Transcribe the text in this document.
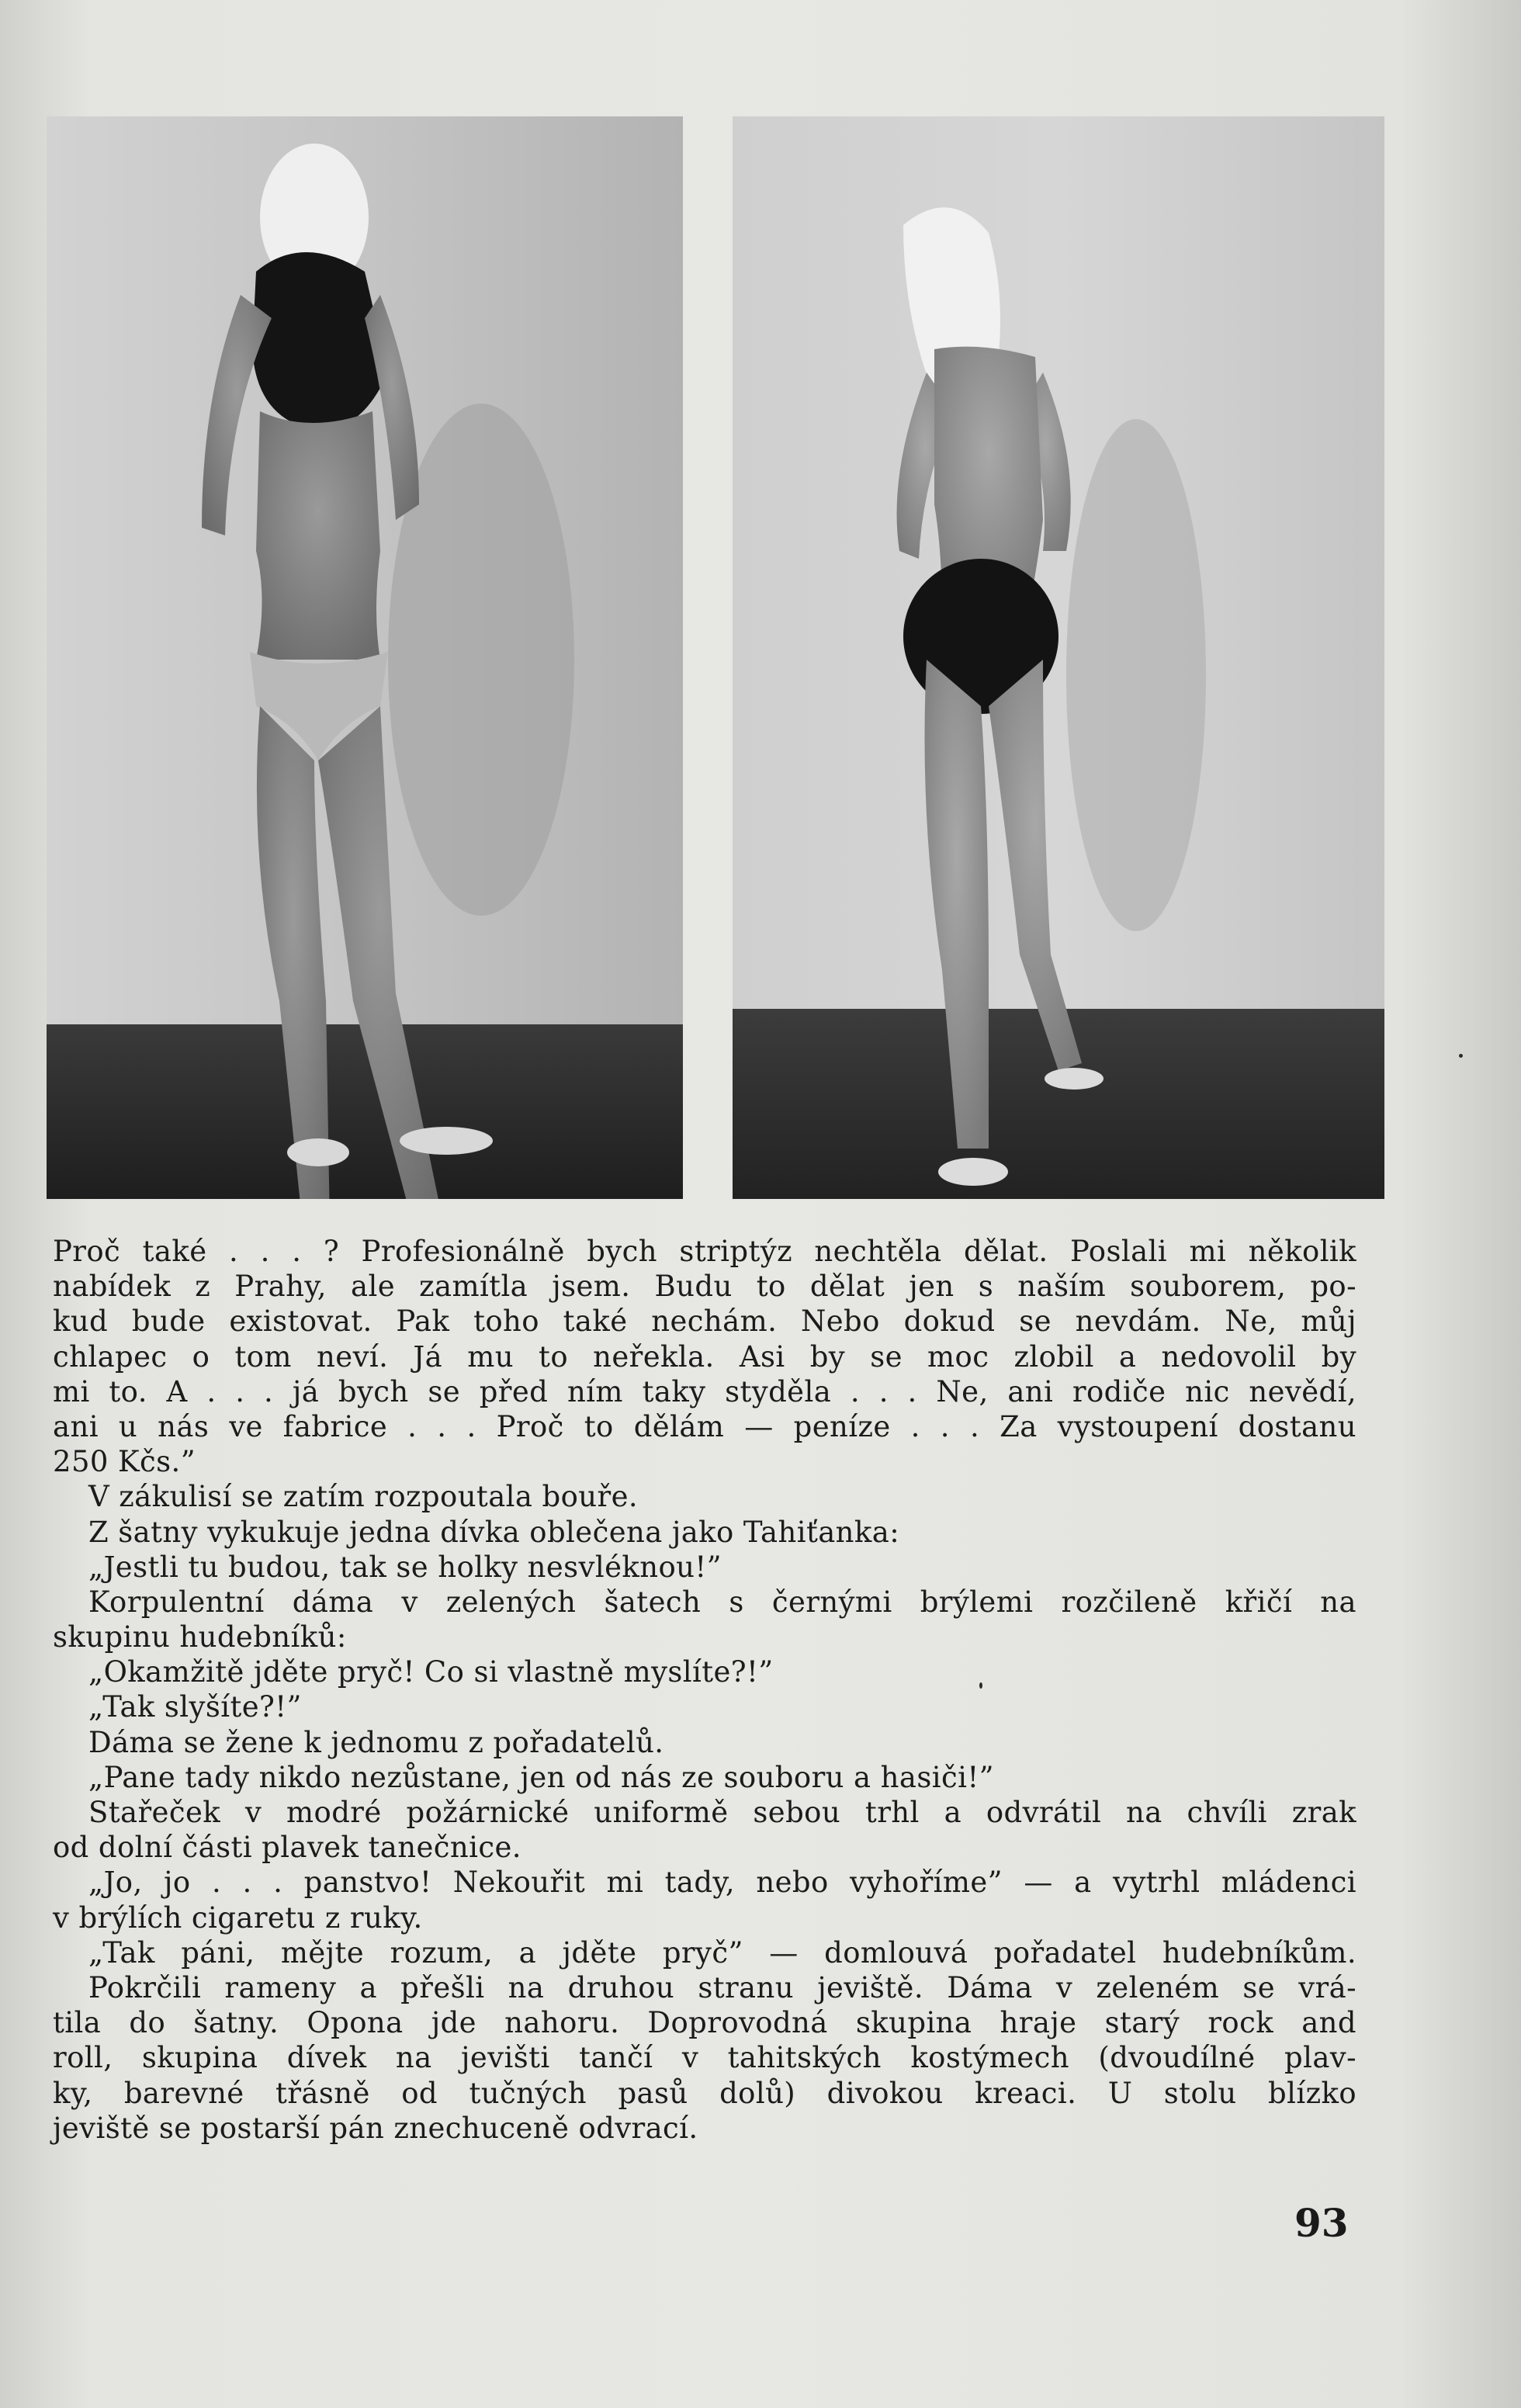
Proč také . . . ? Profesionálně bych striptýz nechtěla dělat. Poslali mi několik
nabídek z Prahy, ale zamítla jsem. Budu to dělat jen s naším souborem, po-
kud bude existovat. Pak toho také nechám. Nebo dokud se nevdám. Ne, můj
chlapec o tom neví. Já mu to neřekla. Asi by se moc zlobil a nedovolil by
mi to. A . . . já bych se před ním taky styděla . . . Ne, ani rodiče nic nevědí,
ani u nás ve fabrice . . . Proč to dělám — peníze . . . Za vystoupení dostanu
250 Kčs.”
V zákulisí se zatím rozpoutala bouře.
Z šatny vykukuje jedna dívka oblečena jako Tahiťanka:
„Jestli tu budou, tak se holky nesvléknou!”
Korpulentní dáma v zelených šatech s černými brýlemi rozčileně křičí na
skupinu hudebníků:
„Okamžitě jděte pryč! Co si vlastně myslíte?!”
„Tak slyšíte?!”
Dáma se žene k jednomu z pořadatelů.
„Pane tady nikdo nezůstane, jen od nás ze souboru a hasiči!”
Stařeček v modré požárnické uniformě sebou trhl a odvrátil na chvíli zrak
od dolní části plavek tanečnice.
„Jo, jo . . . panstvo! Nekouřit mi tady, nebo vyhoříme” — a vytrhl mládenci
v brýlích cigaretu z ruky.
„Tak páni, mějte rozum, a jděte pryč” — domlouvá pořadatel hudebníkům.
Pokrčili rameny a přešli na druhou stranu jeviště. Dáma v zeleném se vrá-
tila do šatny. Opona jde nahoru. Doprovodná skupina hraje starý rock and
roll, skupina dívek na jevišti tančí v tahitských kostýmech (dvoudílné plav-
ky, barevné třásně od tučných pasů dolů) divokou kreaci. U stolu blízko
jeviště se postarší pán znechuceně odvrací.
93
